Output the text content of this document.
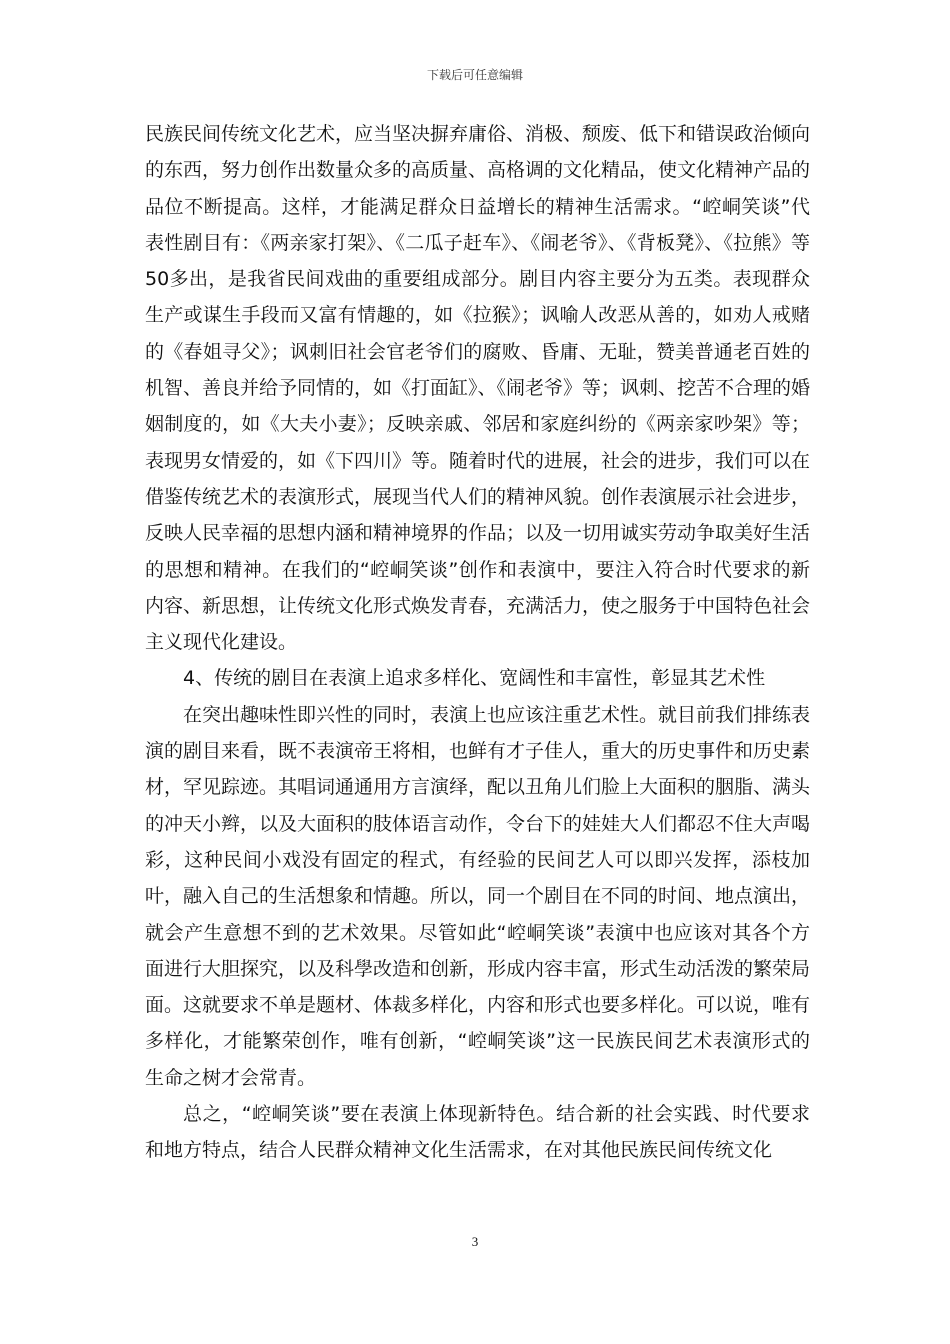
下载后可任意编辑

民族民间传统文化艺术，应当坚决摒弃庸俗、消极、颓废、低下和错误政治倾向的东西，努力创作出数量众多的高质量、高格调的文化精品，使文化精神产品的品位不断提高。这样，才能满足群众日益增长的精神生活需求。“崆峒笑谈”代表性剧目有：《两亲家打架》、《二瓜子赶车》、《闹老爷》、《背板凳》、《拉熊》等50多出，是我省民间戏曲的重要组成部分。剧目内容主要分为五类。表现群众生产或谋生手段而又富有情趣的，如《拉猴》；讽喻人改恶从善的，如劝人戒赌的《春姐寻父》；讽刺旧社会官老爷们的腐败、昏庸、无耻，赞美普通老百姓的机智、善良并给予同情的，如《打面缸》、《闹老爷》等；讽刺、挖苦不合理的婚姻制度的，如《大夫小妻》；反映亲戚、邻居和家庭纠纷的《两亲家吵架》等；表现男女情爱的，如《下四川》等。随着时代的进展，社会的进步，我们可以在借鉴传统艺术的表演形式，展现当代人们的精神风貌。创作表演展示社会进步，反映人民幸福的思想内涵和精神境界的作品；以及一切用诚实劳动争取美好生活的思想和精神。在我们的“崆峒笑谈”创作和表演中，要注入符合时代要求的新内容、新思想，让传统文化形式焕发青春，充满活力，使之服务于中国特色社会主义现代化建设。

4、传统的剧目在表演上追求多样化、宽阔性和丰富性，彰显其艺术性

在突出趣味性即兴性的同时，表演上也应该注重艺术性。就目前我们排练表演的剧目来看，既不表演帝王将相，也鲜有才子佳人，重大的历史事件和历史素材，罕见踪迹。其唱词通通用方言演绎，配以丑角儿们脸上大面积的胭脂、满头的冲天小辫，以及大面积的肢体语言动作，令台下的娃娃大人们都忍不住大声喝彩，这种民间小戏没有固定的程式，有经验的民间艺人可以即兴发挥，添枝加叶，融入自己的生活想象和情趣。所以，同一个剧目在不同的时间、地点演出，就会产生意想不到的艺术效果。尽管如此“崆峒笑谈”表演中也应该对其各个方面进行大胆探究，以及科學改造和创新，形成内容丰富，形式生动活泼的繁荣局面。这就要求不单是题材、体裁多样化，内容和形式也要多样化。可以说，唯有多样化，才能繁荣创作，唯有创新，“崆峒笑谈”这一民族民间艺术表演形式的生命之树才会常青。

总之，“崆峒笑谈”要在表演上体现新特色。结合新的社会实践、时代要求和地方特点，结合人民群众精神文化生活需求，在对其他民族民间传统文化

3
